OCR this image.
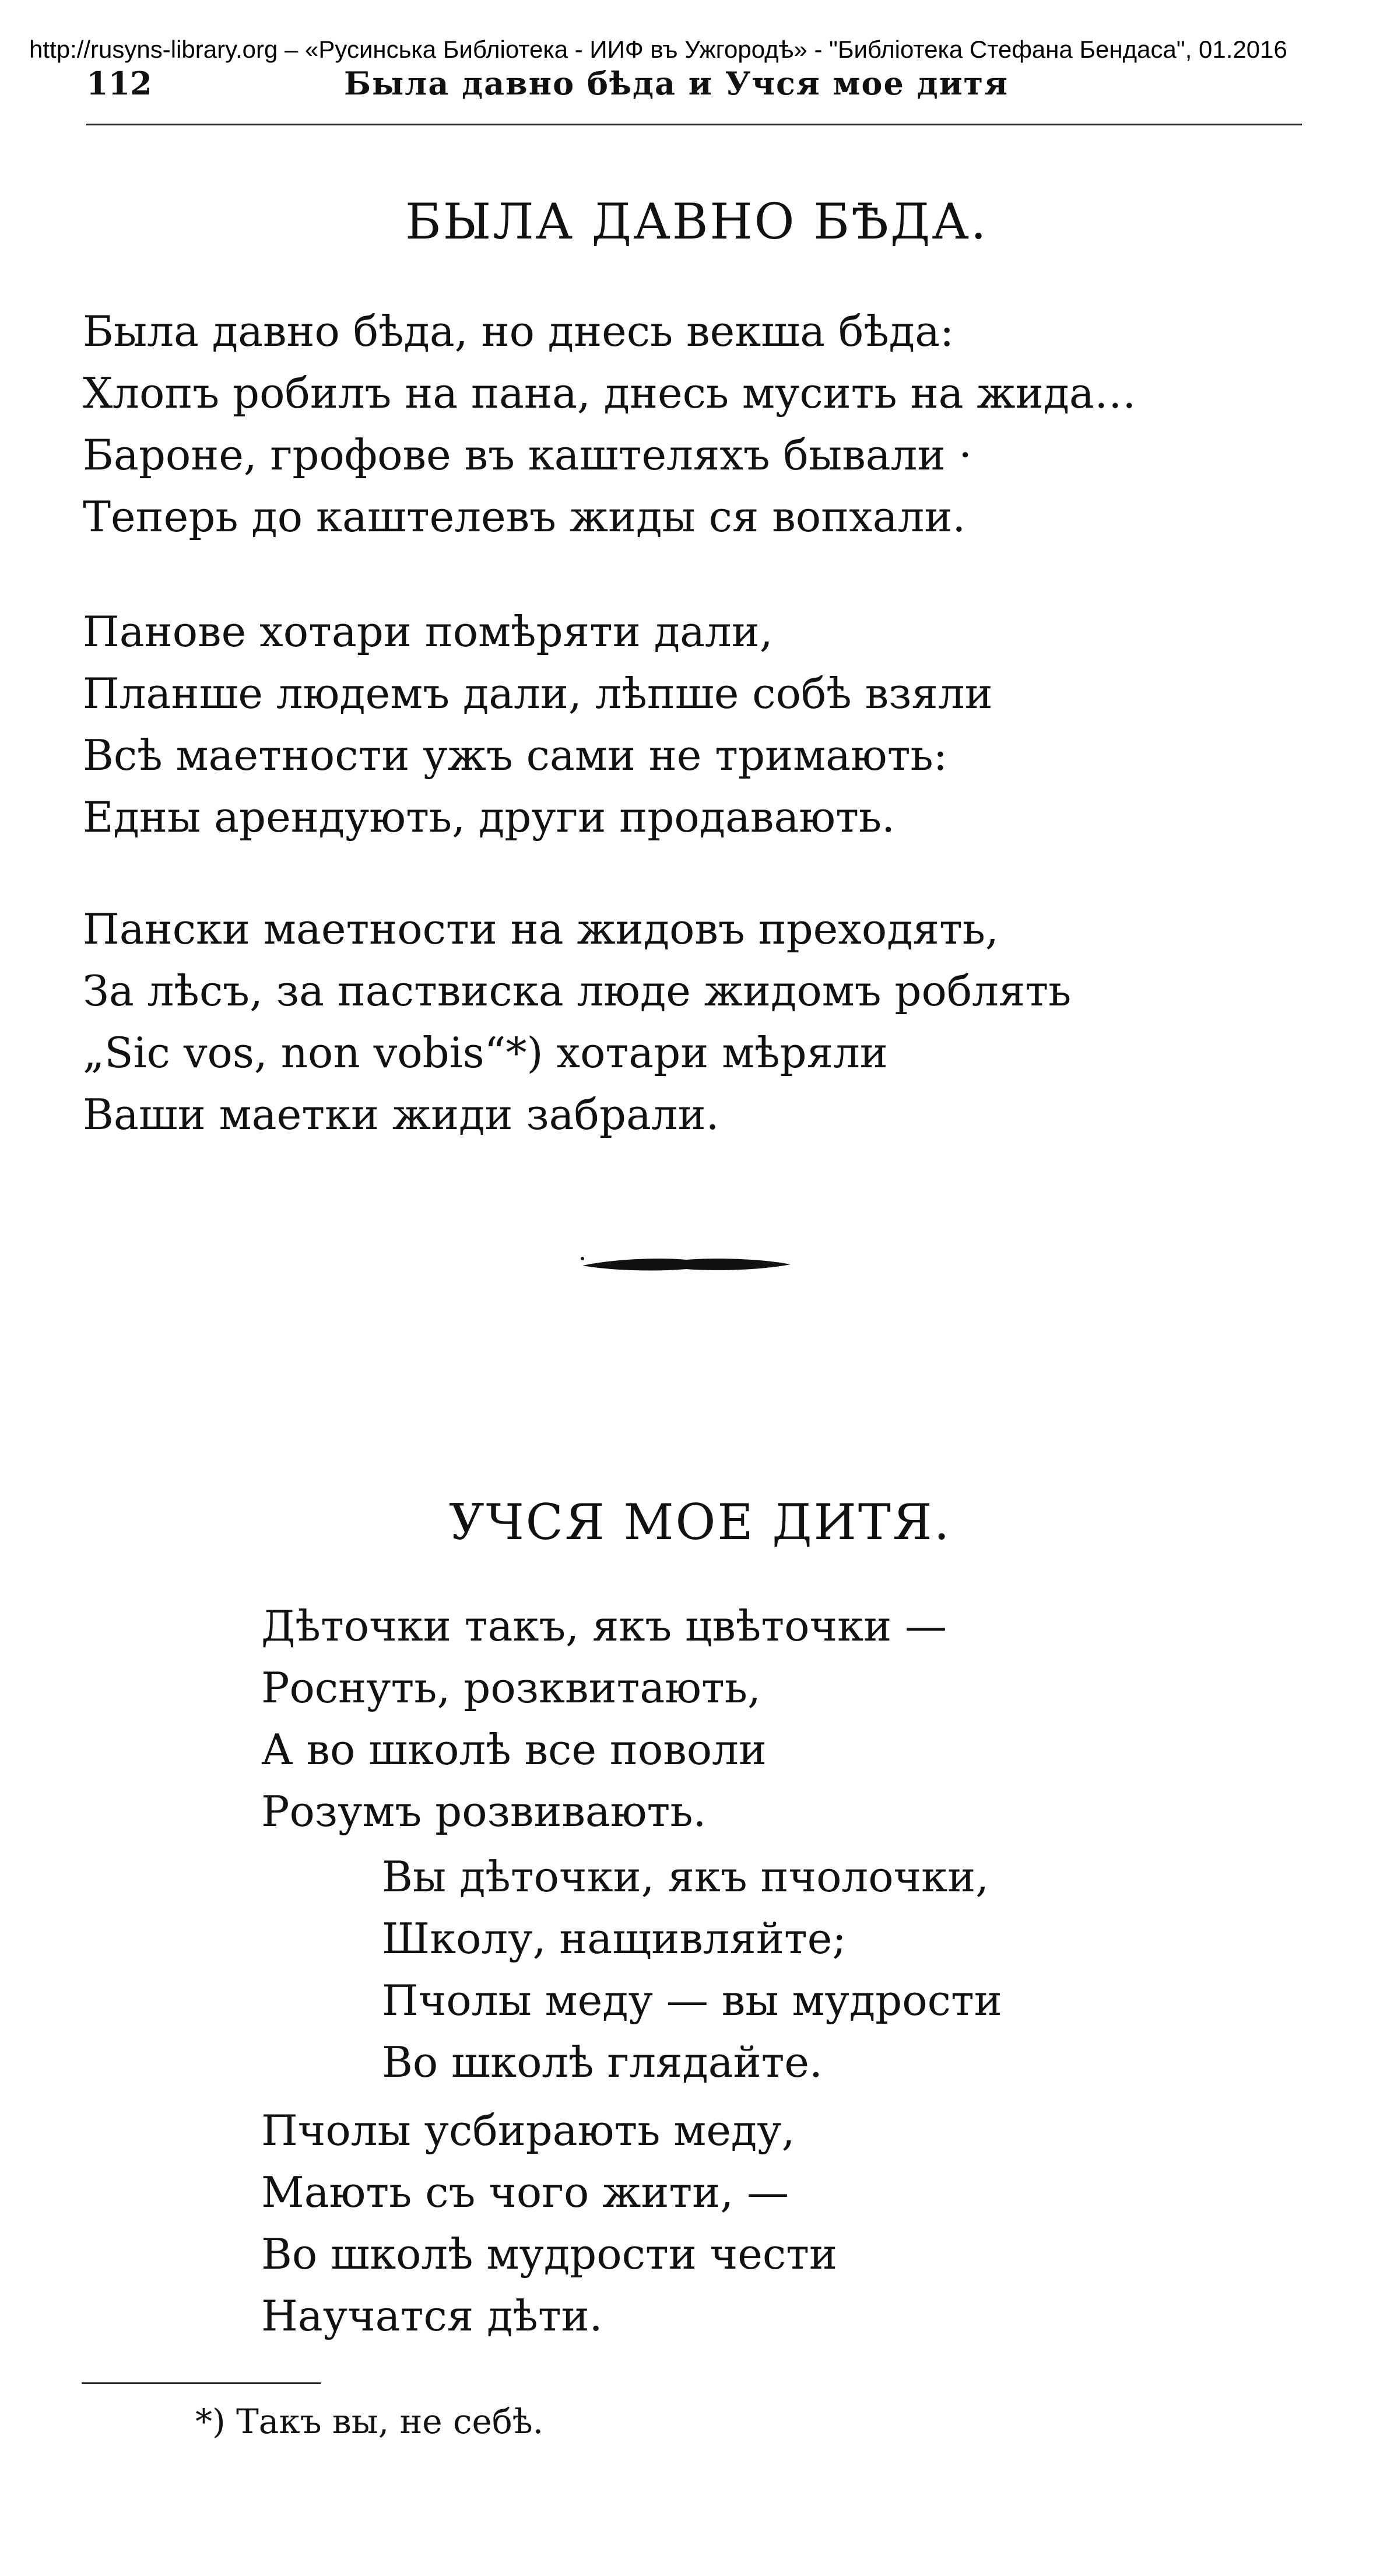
http://rusyns-library.org – «Русинська Библіотека - ИИФ въ Ужгородѣ» - "Библіотека Стефана Бендаса", 01.2016
112	Была давно бѣда и Учся мое дитя
БЫЛА ДАВНО БѢДА.
Была давно бѣда, но днесь векша бѣда:
Хлопъ робилъ на пана, днесь мусить на жида…
Бароне, грофове въ каштеляхъ бывали ·
Теперь до каштелевъ жиды ся вопхали.
Панове хотари помѣряти дали,
Планше людемъ дали, лѣпше собѣ взяли
Всѣ маетности ужъ сами не тримають:
Едны арендують, други продавають.
Пански маетности на жидовъ преходять,
За лѣсъ, за паствиска люде жидомъ роблять
„Sic vos, non vobis“*) хотари мѣряли
Ваши маетки жиди забрали.
УЧСЯ МОЕ ДИТЯ.
Дѣточки такъ, якъ цвѣточки —
Роснуть, розквитають,
А во школѣ все поволи
Розумъ розвивають.
Вы дѣточки, якъ пчолочки,
Школу, нащивляйте;
Пчолы меду — вы мудрости
Во школѣ глядайте.
Пчолы усбирають меду,
Мають съ чого жити, —
Во школѣ мудрости чести
Научатся дѣти.
*) Такъ вы, не себѣ.
